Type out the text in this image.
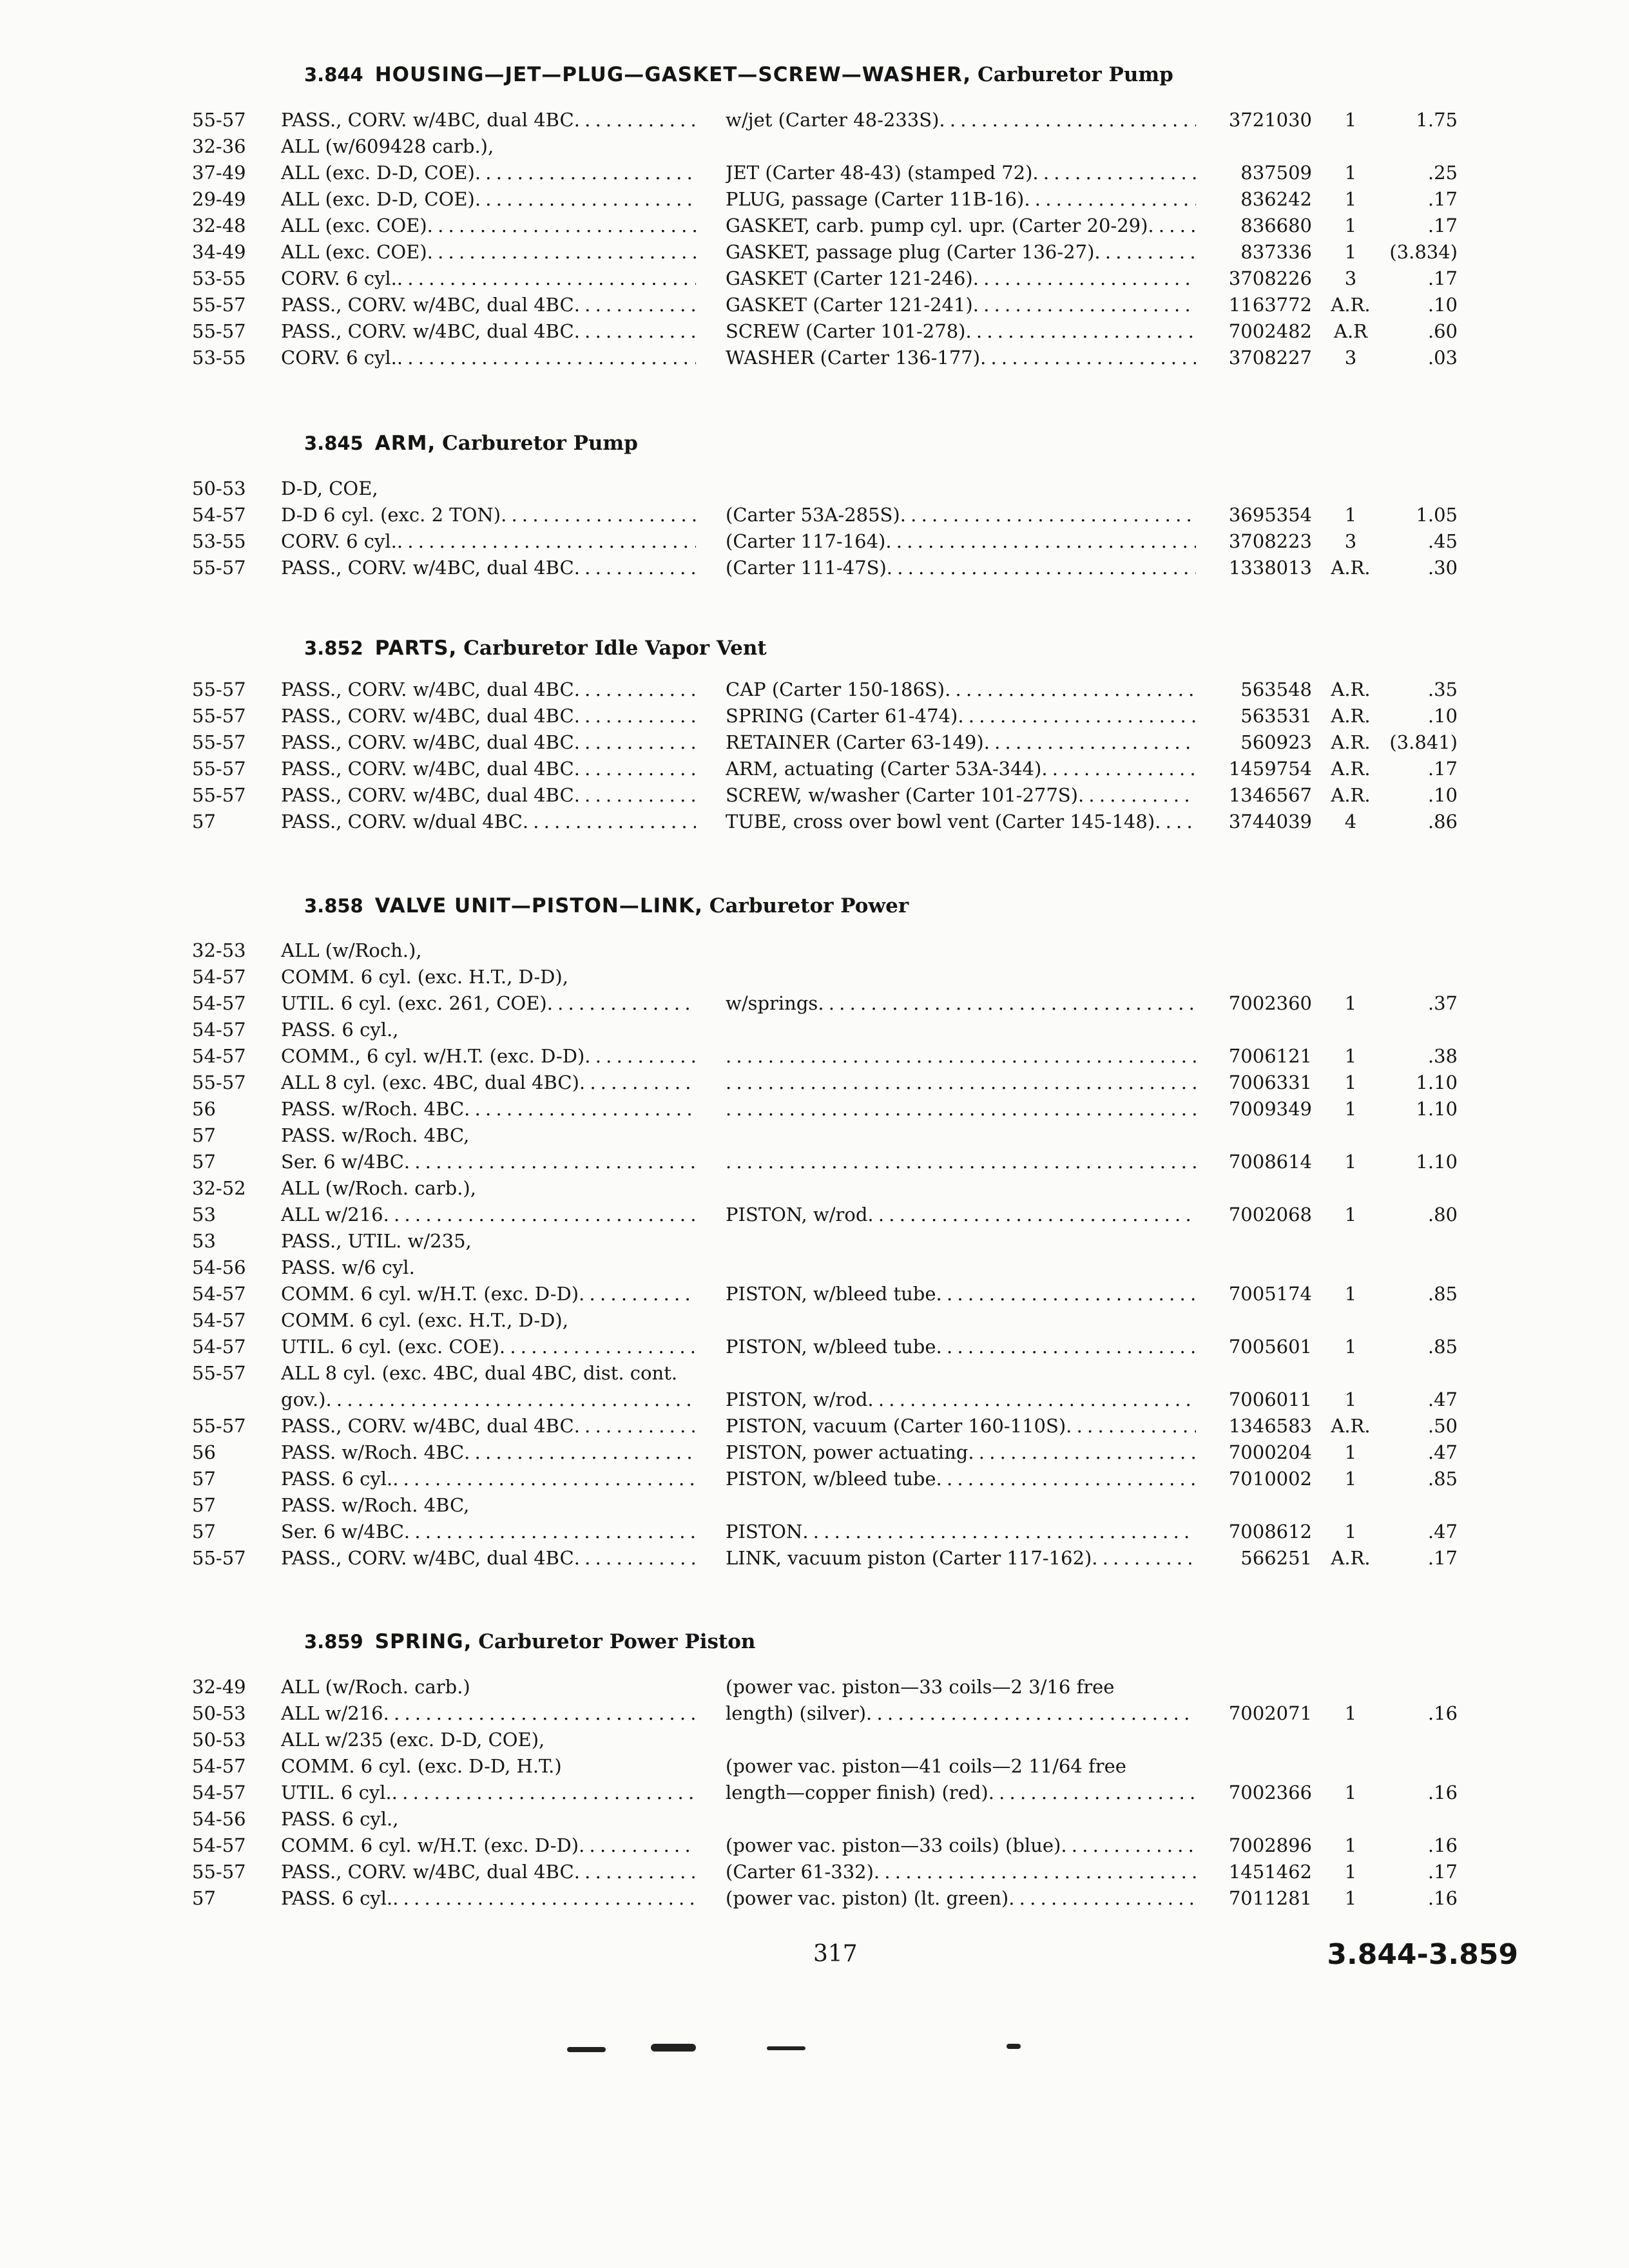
3.844 HOUSING—JET—PLUG—GASKET—SCREW—WASHER, Carburetor Pump
55-57	PASS., CORV. w/4BC, dual 4BC . . .	w/jet (Carter 48-233S) . . .	3721030	1	1.75
32-36	ALL (w/609428 carb.),
37-49	ALL (exc. D-D, COE) . . .	JET (Carter 48-43) (stamped 72) . . .	837509	1	.25
29-49	ALL (exc. D-D, COE) . . .	PLUG, passage (Carter 11B-16) . . .	836242	1	.17
32-48	ALL (exc. COE) . . .	GASKET, carb. pump cyl. upr. (Carter 20-29) . . .	836680	1	.17
34-49	ALL (exc. COE) . . .	GASKET, passage plug (Carter 136-27) . . .	837336	1	(3.834)
53-55	CORV. 6 cyl. . . .	GASKET (Carter 121-246) . . .	3708226	3	.17
55-57	PASS., CORV. w/4BC, dual 4BC . . .	GASKET (Carter 121-241) . . .	1163772	A.R.	.10
55-57	PASS., CORV. w/4BC, dual 4BC . . .	SCREW (Carter 101-278) . . .	7002482	A.R	.60
53-55	CORV. 6 cyl. . . .	WASHER (Carter 136-177) . . .	3708227	3	.03
3.845 ARM, Carburetor Pump
50-53	D-D, COE,
54-57	D-D 6 cyl. (exc. 2 TON) . . .	(Carter 53A-285S) . . .	3695354	1	1.05
53-55	CORV. 6 cyl. . . .	(Carter 117-164) . . .	3708223	3	.45
55-57	PASS., CORV. w/4BC, dual 4BC . . .	(Carter 111-47S) . . .	1338013	A.R.	.30
3.852 PARTS, Carburetor Idle Vapor Vent
55-57	PASS., CORV. w/4BC, dual 4BC . . .	CAP (Carter 150-186S) . . .	563548	A.R.	.35
55-57	PASS., CORV. w/4BC, dual 4BC . . .	SPRING (Carter 61-474) . . .	563531	A.R.	.10
55-57	PASS., CORV. w/4BC, dual 4BC . . .	RETAINER (Carter 63-149) . . .	560923	A.R.	(3.841)
55-57	PASS., CORV. w/4BC, dual 4BC . . .	ARM, actuating (Carter 53A-344) . . .	1459754	A.R.	.17
55-57	PASS., CORV. w/4BC, dual 4BC . . .	SCREW, w/washer (Carter 101-277S) . . .	1346567	A.R.	.10
57	PASS., CORV. w/dual 4BC . . .	TUBE, cross over bowl vent (Carter 145-148) . . .	3744039	4	.86
3.858 VALVE UNIT—PISTON—LINK, Carburetor Power
32-53	ALL (w/Roch.),
54-57	COMM. 6 cyl. (exc. H.T., D-D),
54-57	UTIL. 6 cyl. (exc. 261, COE) . . .	w/springs . . .	7002360	1	.37
54-57	PASS. 6 cyl.,
54-57	COMM., 6 cyl. w/H.T. (exc. D-D) . . . . . .	7006121	1	.38
55-57	ALL 8 cyl. (exc. 4BC, dual 4BC) . . . . . .	7006331	1	1.10
56	PASS. w/Roch. 4BC . . . . . .	7009349	1	1.10
57	PASS. w/Roch. 4BC,
57	Ser. 6 w/4BC . . . . . .	7008614	1	1.10
32-52	ALL (w/Roch. carb.),
53	ALL w/216 . . .	PISTON, w/rod . . .	7002068	1	.80
53	PASS., UTIL. w/235,
54-56	PASS. w/6 cyl.
54-57	COMM. 6 cyl. w/H.T. (exc. D-D) . . .	PISTON, w/bleed tube . . .	7005174	1	.85
54-57	COMM. 6 cyl. (exc. H.T., D-D),
54-57	UTIL. 6 cyl. (exc. COE) . . .	PISTON, w/bleed tube . . .	7005601	1	.85
55-57	ALL 8 cyl. (exc. 4BC, dual 4BC, dist. cont.
gov.) . . .	PISTON, w/rod . . .	7006011	1	.47
55-57	PASS., CORV. w/4BC, dual 4BC . . .	PISTON, vacuum (Carter 160-110S) . . .	1346583	A.R.	.50
56	PASS. w/Roch. 4BC . . .	PISTON, power actuating . . .	7000204	1	.47
57	PASS. 6 cyl. . . .	PISTON, w/bleed tube . . .	7010002	1	.85
57	PASS. w/Roch. 4BC,
57	Ser. 6 w/4BC . . .	PISTON . . .	7008612	1	.47
55-57	PASS., CORV. w/4BC, dual 4BC . . .	LINK, vacuum piston (Carter 117-162) . . .	566251	A.R.	.17
3.859 SPRING, Carburetor Power Piston
32-49	ALL (w/Roch. carb.)	(power vac. piston—33 coils—2 3/16 free
50-53	ALL w/216 . . .	length) (silver) . . .	7002071	1	.16
50-53	ALL w/235 (exc. D-D, COE),
54-57	COMM. 6 cyl. (exc. D-D, H.T.)	(power vac. piston—41 coils—2 11/64 free
54-57	UTIL. 6 cyl. . . .	length—copper finish) (red) . . .	7002366	1	.16
54-56	PASS. 6 cyl.,
54-57	COMM. 6 cyl. w/H.T. (exc. D-D) . . .	(power vac. piston—33 coils) (blue) . . .	7002896	1	.16
55-57	PASS., CORV. w/4BC, dual 4BC . . .	(Carter 61-332) . . .	1451462	1	.17
57	PASS. 6 cyl. . . .	(power vac. piston) (lt. green) . . .	7011281	1	.16
317	3.844-3.859
